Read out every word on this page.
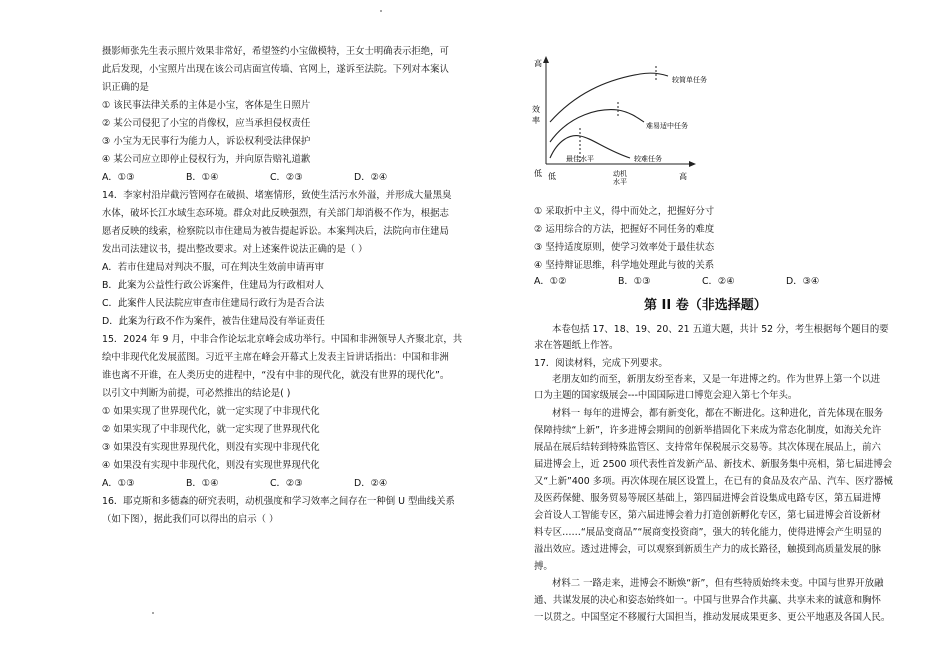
摄影师张先生表示照片效果非常好，希望签约小宝做模特，王女士明确表示拒绝，可
此后发现，小宝照片出现在该公司店面宣传墙、官网上，遂诉至法院。下列对本案认
识正确的是
① 该民事法律关系的主体是小宝，客体是生日照片
② 某公司侵犯了小宝的肖像权，应当承担侵权责任
③ 小宝为无民事行为能力人，诉讼权利受法律保护
④ 某公司应立即停止侵权行为，并向原告赔礼道歉
A．①③	B．①④	C．②③	D．②④
14．李家村沿岸截污管网存在破损、堵塞情形，致使生活污水外溢，并形成大量黑臭
水体，破坏长江水域生态环境。群众对此反映强烈，有关部门却消极不作为，根据志
愿者反映的线索，检察院以市住建局为被告提起诉讼。本案判决后，法院向市住建局
发出司法建议书，提出整改要求。对上述案件说法正确的是（ ）
A．若市住建局对判决不服，可在判决生效前申请再审
B．此案为公益性行政公诉案件，住建局为行政相对人
C．此案件人民法院应审查市住建局行政行为是否合法
D．此案为行政不作为案件，被告住建局没有举证责任
15．2024 年 9 月，中非合作论坛北京峰会成功举行。中国和非洲领导人齐聚北京，共
绘中非现代化发展蓝图。习近平主席在峰会开幕式上发表主旨讲话指出：中国和非洲
谁也离不开谁，在人类历史的进程中，“没有中非的现代化，就没有世界的现代化”。
以引文中判断为前提，可必然推出的结论是( )
① 如果实现了世界现代化，就一定实现了中非现代化
② 如果实现了中非现代化，就一定实现了世界现代化
③ 如果没有实现世界现代化，则没有实现中非现代化
④ 如果没有实现中非现代化，则没有实现世界现代化
A．①③	B．①④	C．②③	D．②④
16．耶克斯和多德森的研究表明，动机强度和学习效率之间存在一种倒 U 型曲线关系
（如下图），据此我们可以得出的启示（ ）
高
效
率
低 低	动机
水平
高
较简单任务
难易适中任务
较难任务
最佳水平
① 采取折中主义，得中而处之，把握好分寸
② 运用综合的方法，把握好不同任务的难度
③ 坚持适度原则，使学习效率处于最佳状态
④ 坚持辩证思维，科学地处理此与彼的关系
A．①②	B．①③	C．②④	D．③④
第 II 卷（非选择题）
本卷包括 17、18、19、20、21 五道大题，共计 52 分，考生根据每个题目的要
求在答题纸上作答。
17．阅读材料，完成下列要求。
老朋友如约而至，新朋友纷至沓来，又是一年进博之约。作为世界上第一个以进
口为主题的国家级展会---中国国际进口博览会迎入第七个年头。
材料一 每年的进博会，都有新变化，都在不断进化。这种进化，首先体现在服务
保障持续“上新”，许多进博会期间的创新举措固化下来成为常态化制度，如海关允许
展品在展后结转到特殊监管区、支持常年保税展示交易等。其次体现在展品上，前六
届进博会上，近 2500 项代表性首发新产品、新技术、新服务集中亮相，第七届进博会
又“上新”400 多项。再次体现在展区设置上，在已有的食品及农产品、汽车、医疗器械
及医药保健、服务贸易等展区基础上，第四届进博会首设集成电路专区，第五届进博
会首设人工智能专区，第六届进博会着力打造创新孵化专区，第七届进博会首设新材
料专区……“展品变商品”“展商变投资商”，强大的转化能力，使得进博会产生明显的
溢出效应。透过进博会，可以观察到新质生产力的成长路径，触摸到高质量发展的脉
搏。
材料二 一路走来，进博会不断焕“新”，但有些特质始终未变。中国与世界开放融
通、共谋发展的决心和姿态始终如一。中国与世界合作共赢、共享未来的诚意和胸怀
一以贯之。中国坚定不移履行大国担当，推动发展成果更多、更公平地惠及各国人民。
